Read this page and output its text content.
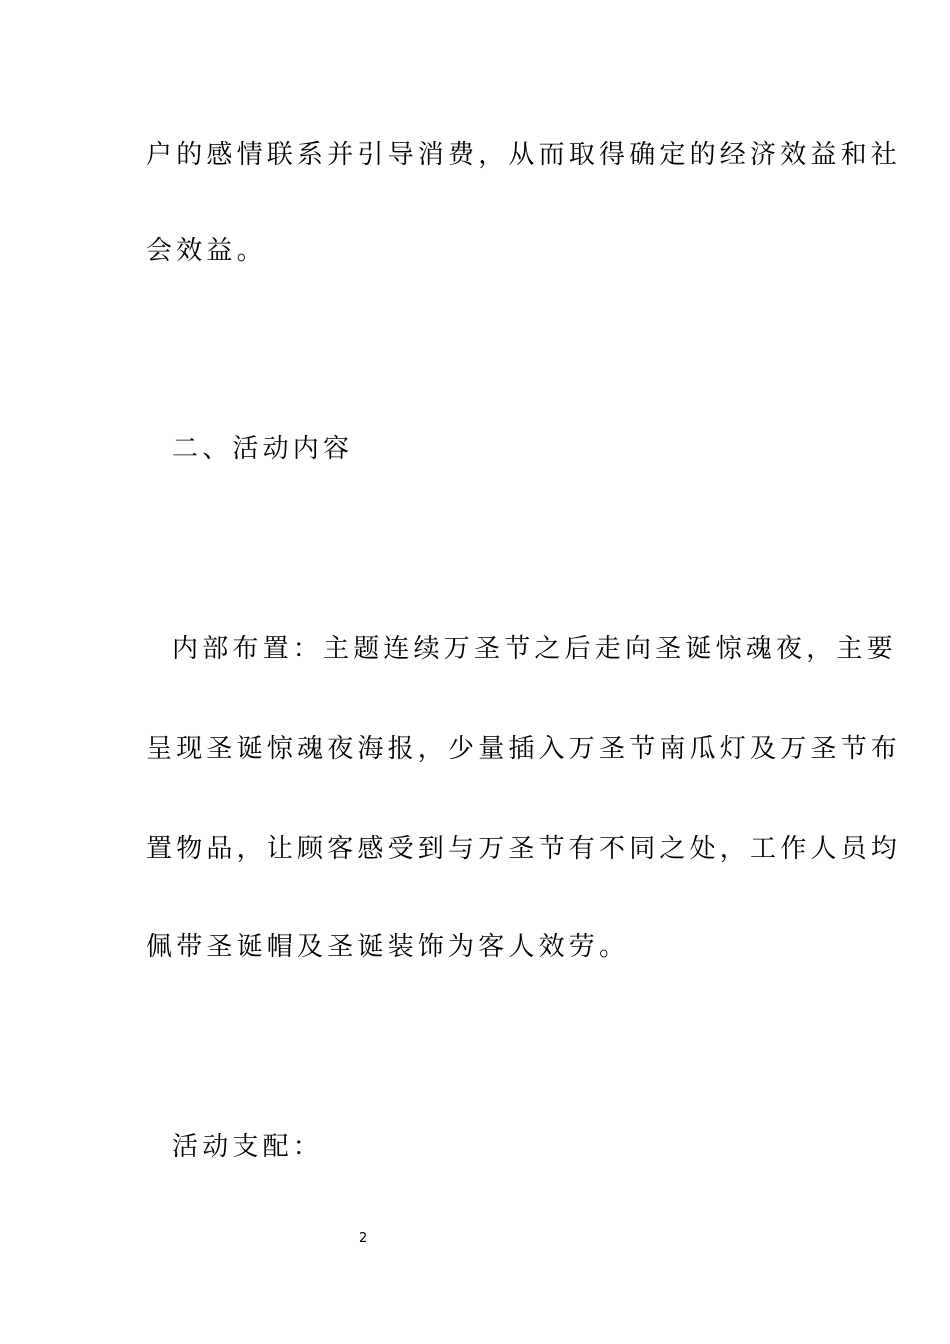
户的感情联系并引导消费，从而取得确定的经济效益和社
会效益。
二、活动内容
内部布置：主题连续万圣节之后走向圣诞惊魂夜，主要
呈现圣诞惊魂夜海报，少量插入万圣节南瓜灯及万圣节布
置物品，让顾客感受到与万圣节有不同之处，工作人员均
佩带圣诞帽及圣诞装饰为客人效劳。
活动支配：
2
